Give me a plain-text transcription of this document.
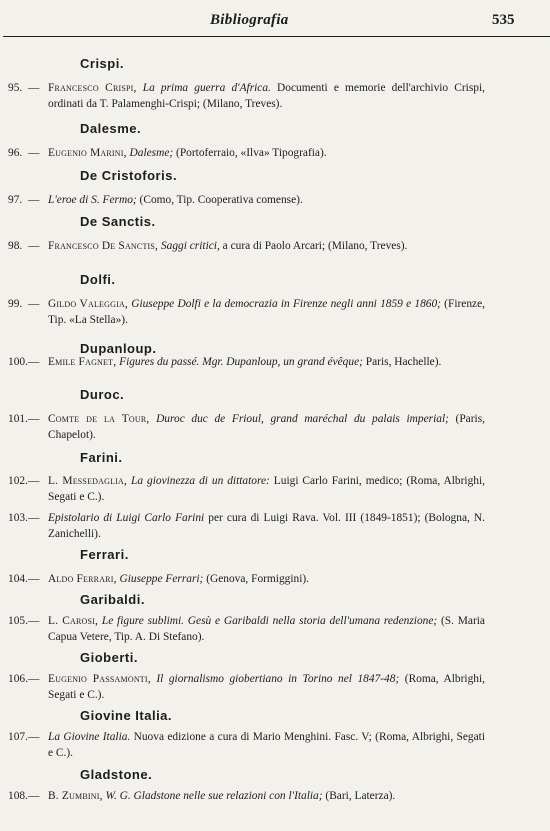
Bibliografia	535
Crispi.
95. — Francesco Crispi, La prima guerra d'Africa. Documenti e memorie dell'archivio Crispi, ordinati da T. Palamenghi-Crispi; (Milano, Treves).
Dalesme.
96. — Eugenio Marini, Dalesme; (Portoferraio, «Ilva» Tipografia).
De Cristoforis.
97. — L'eroe di S. Fermo; (Como, Tip. Cooperativa comense).
De Sanctis.
98. — Francesco De Sanctis, Saggi critici, a cura di Paolo Arcari; (Milano, Treves).
Dolfi.
99. — Gildo Valeggia, Giuseppe Dolfi e la democrazia in Firenze negli anni 1859 e 1860; (Firenze, Tip. «La Stella»).
Dupanloup.
100. — Emile Fagnet, Figures du passé. Mgr. Dupanloup, un grand évêque; Paris, Hachelle).
Duroc.
101. — Comte de la Tour, Duroc duc de Frioul, grand maréchal du palais imperial; (Paris, Chapelot).
Farini.
102. — L. Messedaglia, La giovinezza di un dittatore: Luigi Carlo Farini, medico; (Roma, Albrighi, Segati e C.).
103. — Epistolario di Luigi Carlo Farini per cura di Luigi Rava. Vol. III (1849-1851); (Bologna, N. Zanichelli).
Ferrari.
104. — Aldo Ferrari, Giuseppe Ferrari; (Genova, Formiggini).
Garibaldi.
105. — L. Carosi, Le figure sublimi. Gesù e Garibaldi nella storia dell'umana redenzione; (S. Maria Capua Vetere, Tip. A. Di Stefano).
Gioberti.
106. — Eugenio Passamonti, Il giornalismo giobertiano in Torino nel 1847-48; (Roma, Albrighi, Segati e C.).
Giovine Italia.
107. — La Giovine Italia. Nuova edizione a cura di Mario Menghini. Fasc. V; (Roma, Albrighi, Segati e C.).
Gladstone.
108. — B. Zumbini, W. G. Gladstone nelle sue relazioni con l'Italia; (Bari, Laterza).
